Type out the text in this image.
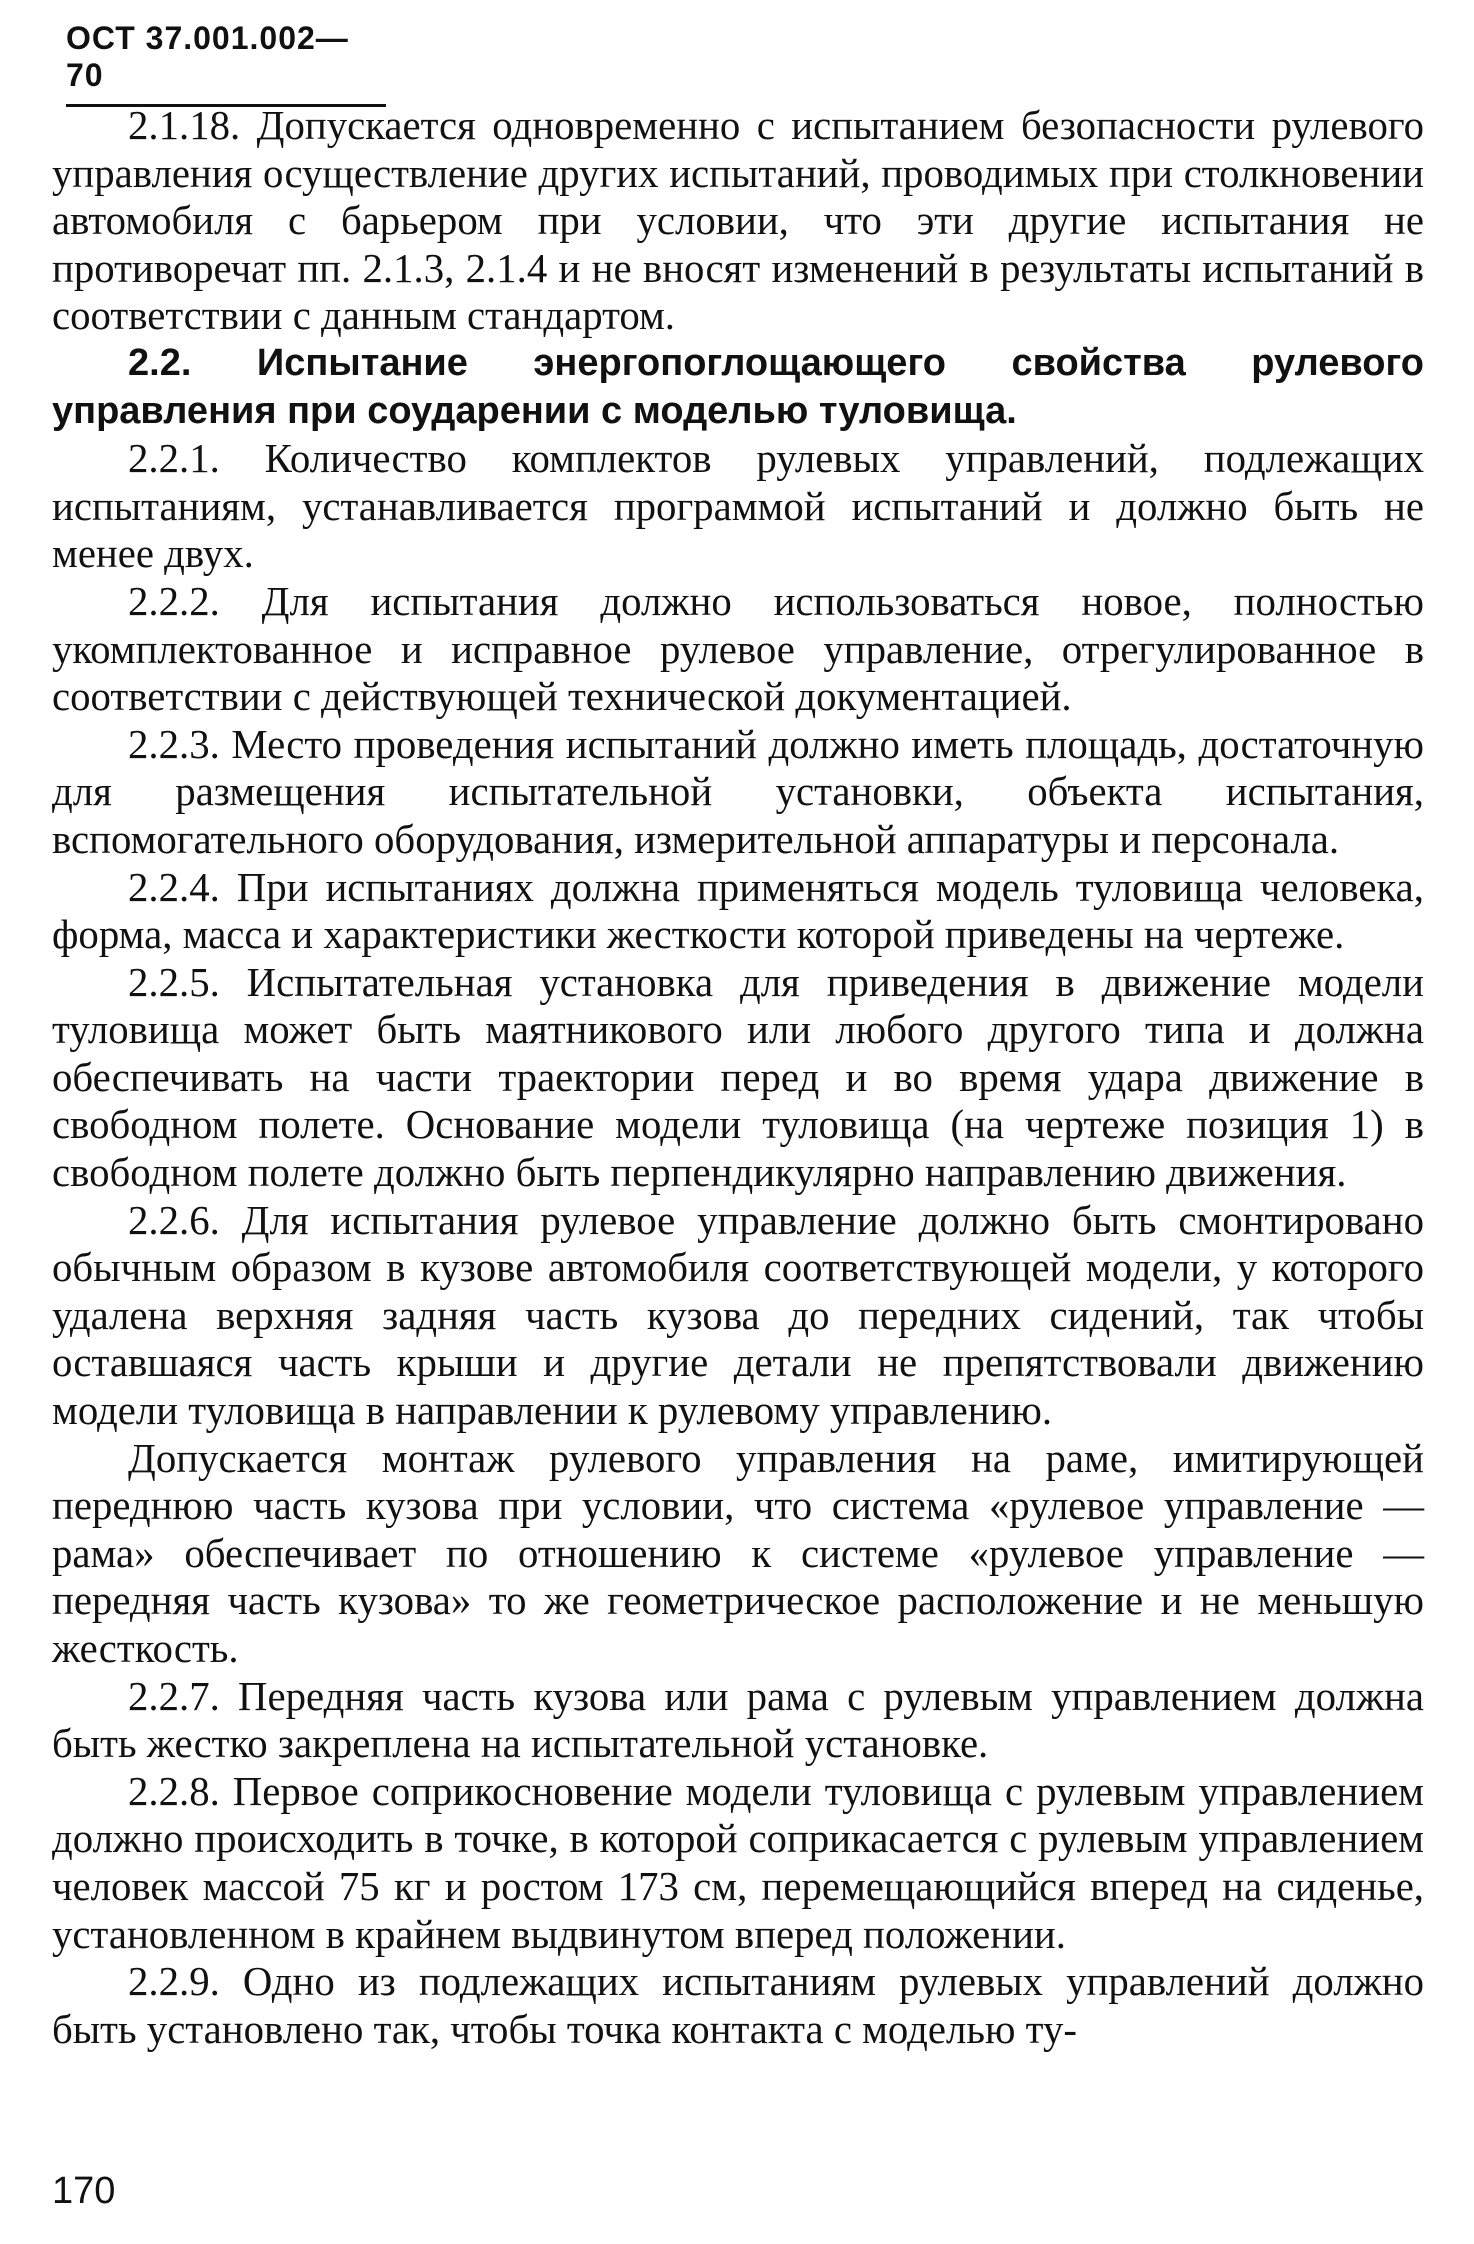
ОСТ 37.001.002—70

2.1.18. Допускается одновременно с испытанием безопасности рулевого управления осуществление других испытаний, проводимых при столкновении автомобиля с барьером при условии, что эти другие испытания не противоречат пп. 2.1.3, 2.1.4 и не вносят изменений в результаты испытаний в соответствии с данным стандартом.

2.2. Испытание энергопоглощающего свойства рулевого управления при соударении с моделью туловища.

2.2.1. Количество комплектов рулевых управлений, подлежащих испытаниям, устанавливается программой испытаний и должно быть не менее двух.

2.2.2. Для испытания должно использоваться новое, полностью укомплектованное и исправное рулевое управление, отрегулированное в соответствии с действующей технической документацией.

2.2.3. Место проведения испытаний должно иметь площадь, достаточную для размещения испытательной установки, объекта испытания, вспомогательного оборудования, измерительной аппаратуры и персонала.

2.2.4. При испытаниях должна применяться модель туловища человека, форма, масса и характеристики жесткости которой приведены на чертеже.

2.2.5. Испытательная установка для приведения в движение модели туловища может быть маятникового или любого другого типа и должна обеспечивать на части траектории перед и во время удара движение в свободном полете. Основание модели туловища (на чертеже позиция 1) в свободном полете должно быть перпендикулярно направлению движения.

2.2.6. Для испытания рулевое управление должно быть смонтировано обычным образом в кузове автомобиля соответствующей модели, у которого удалена верхняя задняя часть кузова до передних сидений, так чтобы оставшаяся часть крыши и другие детали не препятствовали движению модели туловища в направлении к рулевому управлению.

Допускается монтаж рулевого управления на раме, имитирующей переднюю часть кузова при условии, что система «рулевое управление — рама» обеспечивает по отношению к системе «рулевое управление — передняя часть кузова» то же геометрическое расположение и не меньшую жесткость.

2.2.7. Передняя часть кузова или рама с рулевым управлением должна быть жестко закреплена на испытательной установке.

2.2.8. Первое соприкосновение модели туловища с рулевым управлением должно происходить в точке, в которой соприкасается с рулевым управлением человек массой 75 кг и ростом 173 см, перемещающийся вперед на сиденье, установленном в крайнем выдвинутом вперед положении.

2.2.9. Одно из подлежащих испытаниям рулевых управлений должно быть установлено так, чтобы точка контакта с моделью ту-

170
